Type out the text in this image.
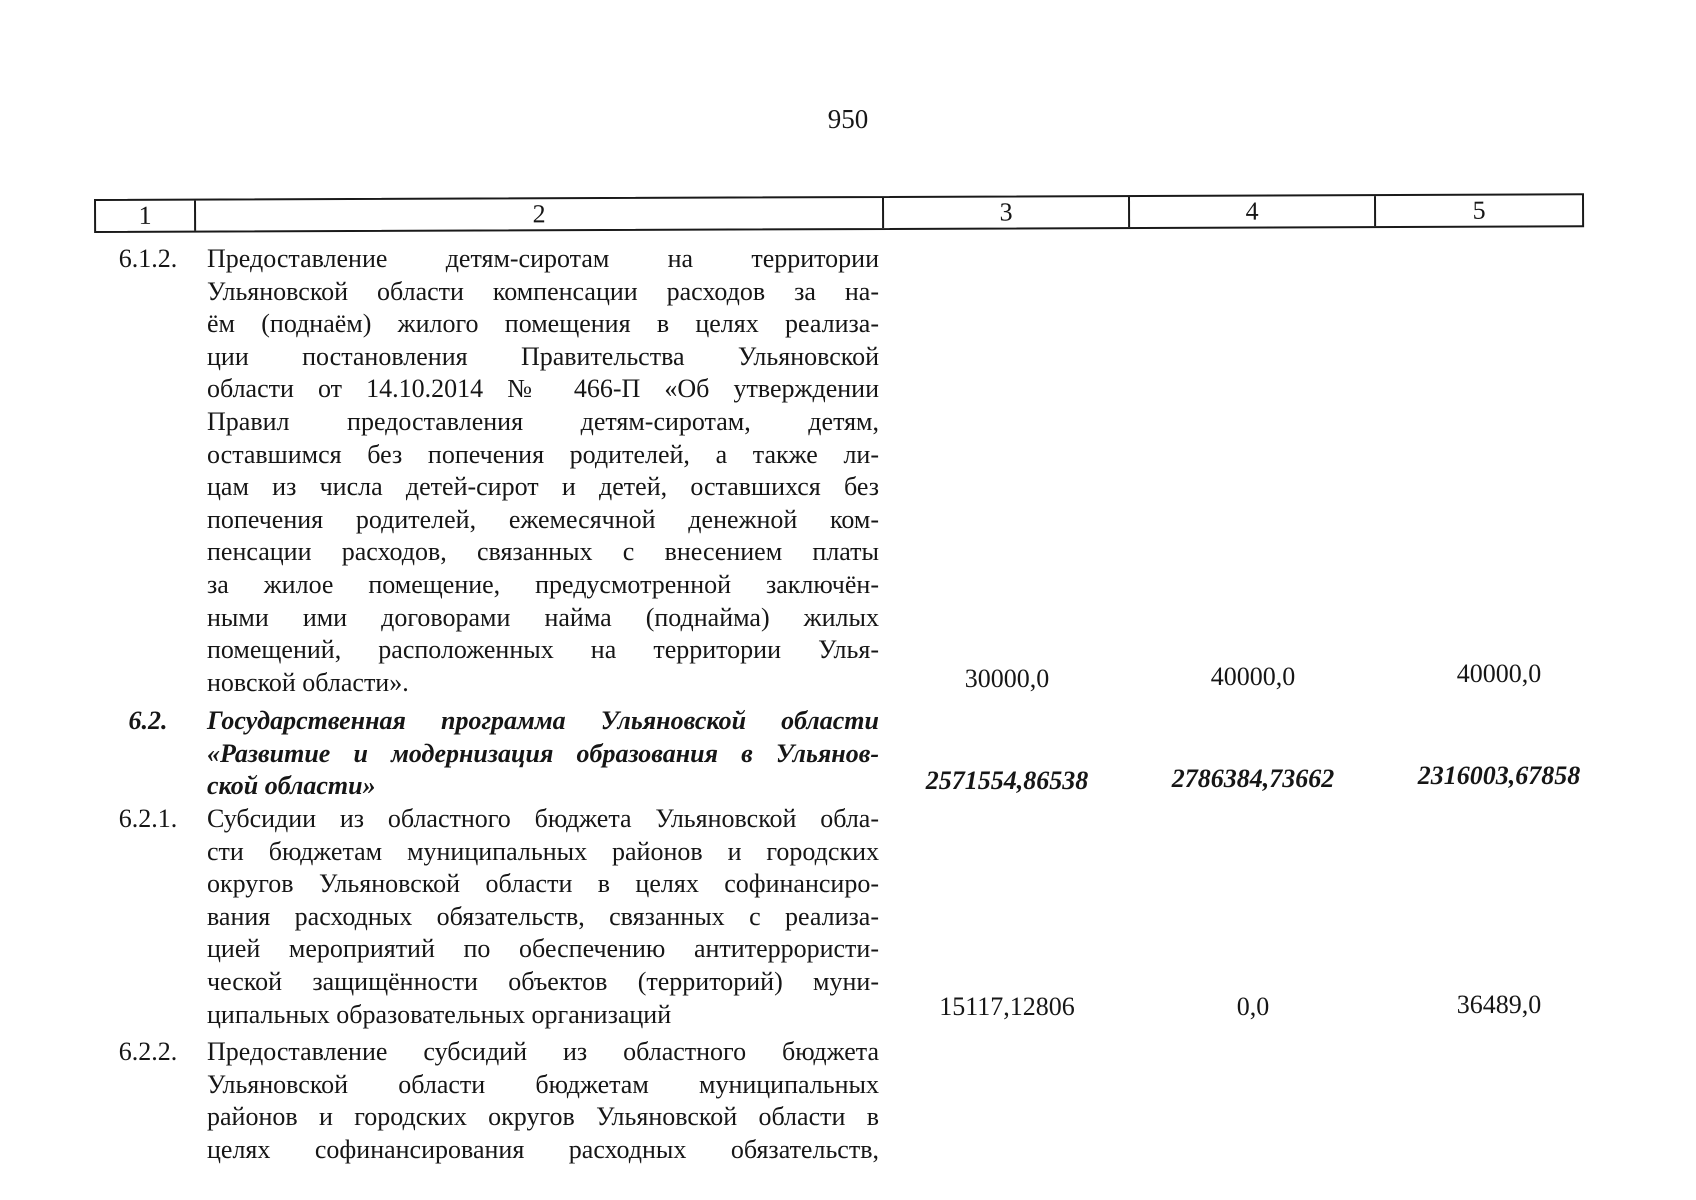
950
1	2	3	4	5
6.1.2.	Предоставление детям-сиротам на территории
Ульяновской области компенсации расходов за на-
ём (поднаём) жилого помещения в целях реализа-
ции постановления Правительства Ульяновской
области от 14.10.2014 № 466-П «Об утверждении
Правил предоставления детям-сиротам, детям,
оставшимся без попечения родителей, а также ли-
цам из числа детей-сирот и детей, оставшихся без
попечения родителей, ежемесячной денежной ком-
пенсации расходов, связанных с внесением платы
за жилое помещение, предусмотренной заключён-
ными ими договорами найма (поднайма) жилых
помещений, расположенных на территории Улья-
новской области».	30000,0	40000,0	40000,0
6.2.	Государственная программа Ульяновской области
«Развитие и модернизация образования в Ульянов-
ской области»	2571554,86538	2786384,73662	2316003,67858
6.2.1.	Субсидии из областного бюджета Ульяновской обла-
сти бюджетам муниципальных районов и городских
округов Ульяновской области в целях софинансиро-
вания расходных обязательств, связанных с реализа-
цией мероприятий по обеспечению антитеррористи-
ческой защищённости объектов (территорий) муни-
ципальных образовательных организаций	15117,12806	0,0	36489,0
6.2.2.	Предоставление субсидий из областного бюджета
Ульяновской области бюджетам муниципальных
районов и городских округов Ульяновской области в
целях софинансирования расходных обязательств,
